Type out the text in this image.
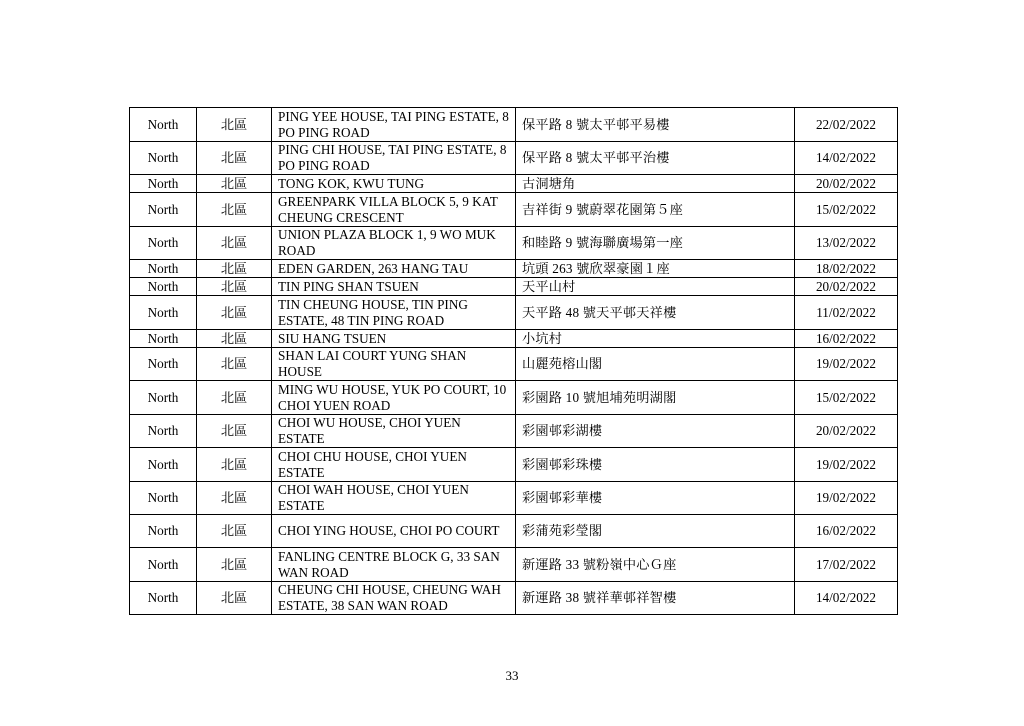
North	北區	PING YEE HOUSE, TAI PING ESTATE, 8 PO PING ROAD	保平路 8 號太平邨平易樓	22/02/2022
North	北區	PING CHI HOUSE, TAI PING ESTATE, 8 PO PING ROAD	保平路 8 號太平邨平治樓	14/02/2022
North	北區	TONG KOK, KWU TUNG	古洞塘角	20/02/2022
North	北區	GREENPARK VILLA BLOCK 5, 9 KAT CHEUNG CRESCENT	吉祥街 9 號蔚翠花園第５座	15/02/2022
North	北區	UNION PLAZA BLOCK 1, 9 WO MUK ROAD	和睦路 9 號海聯廣場第一座	13/02/2022
North	北區	EDEN GARDEN, 263 HANG TAU	坑頭 263 號欣翠豪園１座	18/02/2022
North	北區	TIN PING SHAN TSUEN	天平山村	20/02/2022
North	北區	TIN CHEUNG HOUSE, TIN PING ESTATE, 48 TIN PING ROAD	天平路 48 號天平邨天祥樓	11/02/2022
North	北區	SIU HANG TSUEN	小坑村	16/02/2022
North	北區	SHAN LAI COURT YUNG SHAN HOUSE	山麗苑榕山閣	19/02/2022
North	北區	MING WU HOUSE, YUK PO COURT, 10 CHOI YUEN ROAD	彩園路 10 號旭埔苑明湖閣	15/02/2022
North	北區	CHOI WU HOUSE, CHOI YUEN ESTATE	彩園邨彩湖樓	20/02/2022
North	北區	CHOI CHU HOUSE, CHOI YUEN ESTATE	彩園邨彩珠樓	19/02/2022
North	北區	CHOI WAH HOUSE, CHOI YUEN ESTATE	彩園邨彩華樓	19/02/2022
North	北區	CHOI YING HOUSE, CHOI PO COURT	彩蒲苑彩瑩閣	16/02/2022
North	北區	FANLING CENTRE BLOCK G, 33 SAN WAN ROAD	新運路 33 號粉嶺中心Ｇ座	17/02/2022
North	北區	CHEUNG CHI HOUSE, CHEUNG WAH ESTATE, 38 SAN WAN ROAD	新運路 38 號祥華邨祥智樓	14/02/2022
33
